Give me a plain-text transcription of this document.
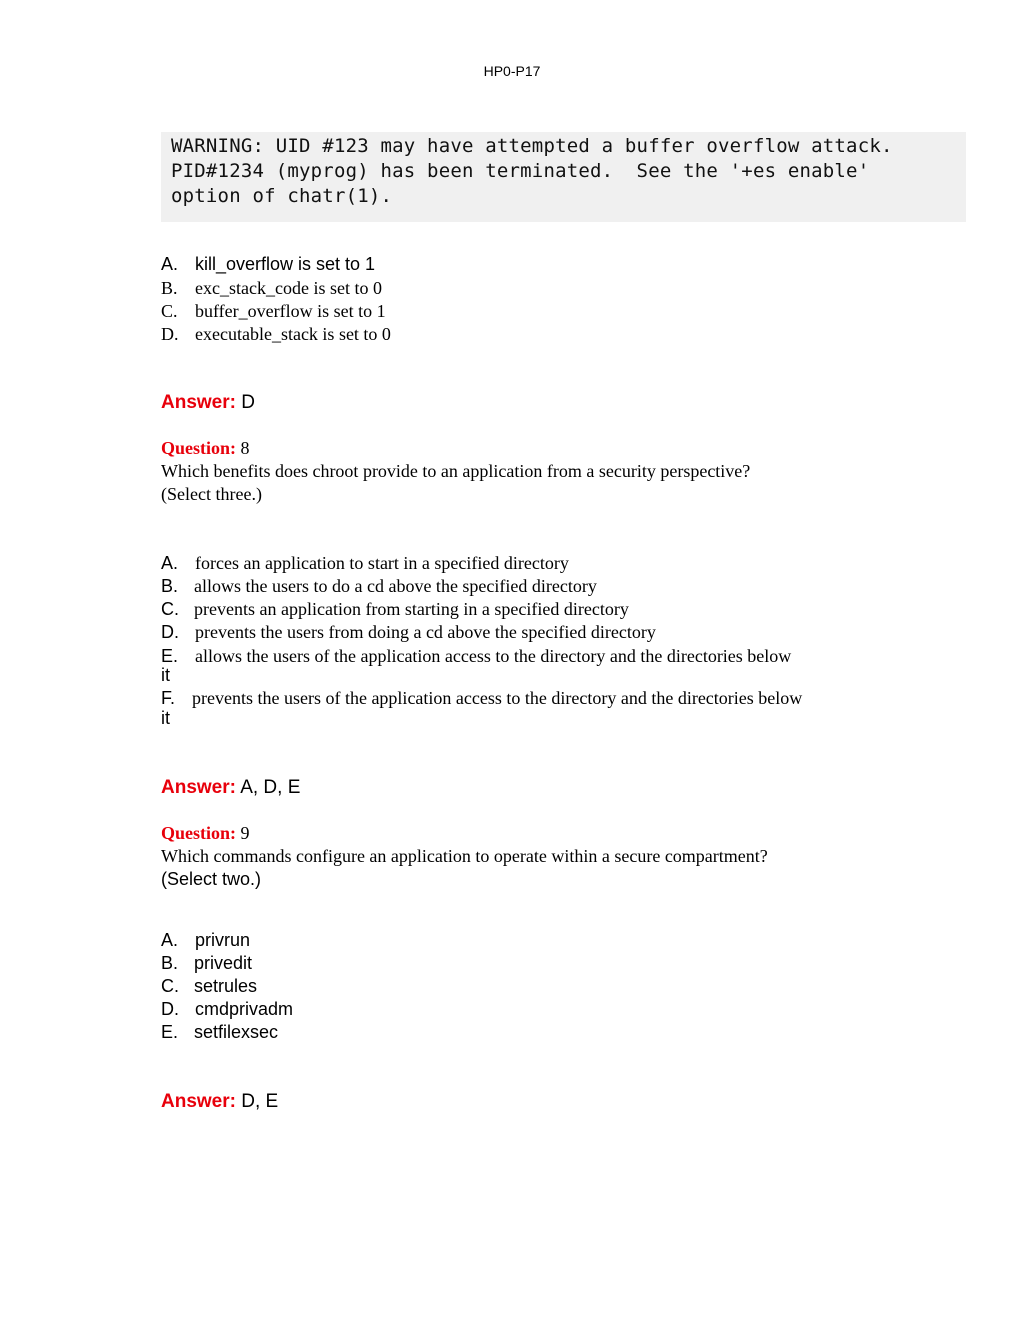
HP0-P17
WARNING: UID #123 may have attempted a buffer overflow attack.
PID#1234 (myprog) has been terminated.  See the '+es enable'
option of chatr(1).
A. kill_overflow is set to 1
B. exc_stack_code is set to 0
C. buffer_overflow is set to 1
D. executable_stack is set to 0
Answer: D
Question: 8
Which benefits does chroot provide to an application from a security perspective?
(Select three.)
A. forces an application to start in a specified directory
B. allows the users to do a cd above the specified directory
C. prevents an application from starting in a specified directory
D. prevents the users from doing a cd above the specified directory
E. allows the users of the application access to the directory and the directories below
it
F. prevents the users of the application access to the directory and the directories below
it
Answer: A, D, E
Question: 9
Which commands configure an application to operate within a secure compartment?
(Select two.)
A. privrun
B. privedit
C. setrules
D. cmdprivadm
E. setfilexsec
Answer: D, E
